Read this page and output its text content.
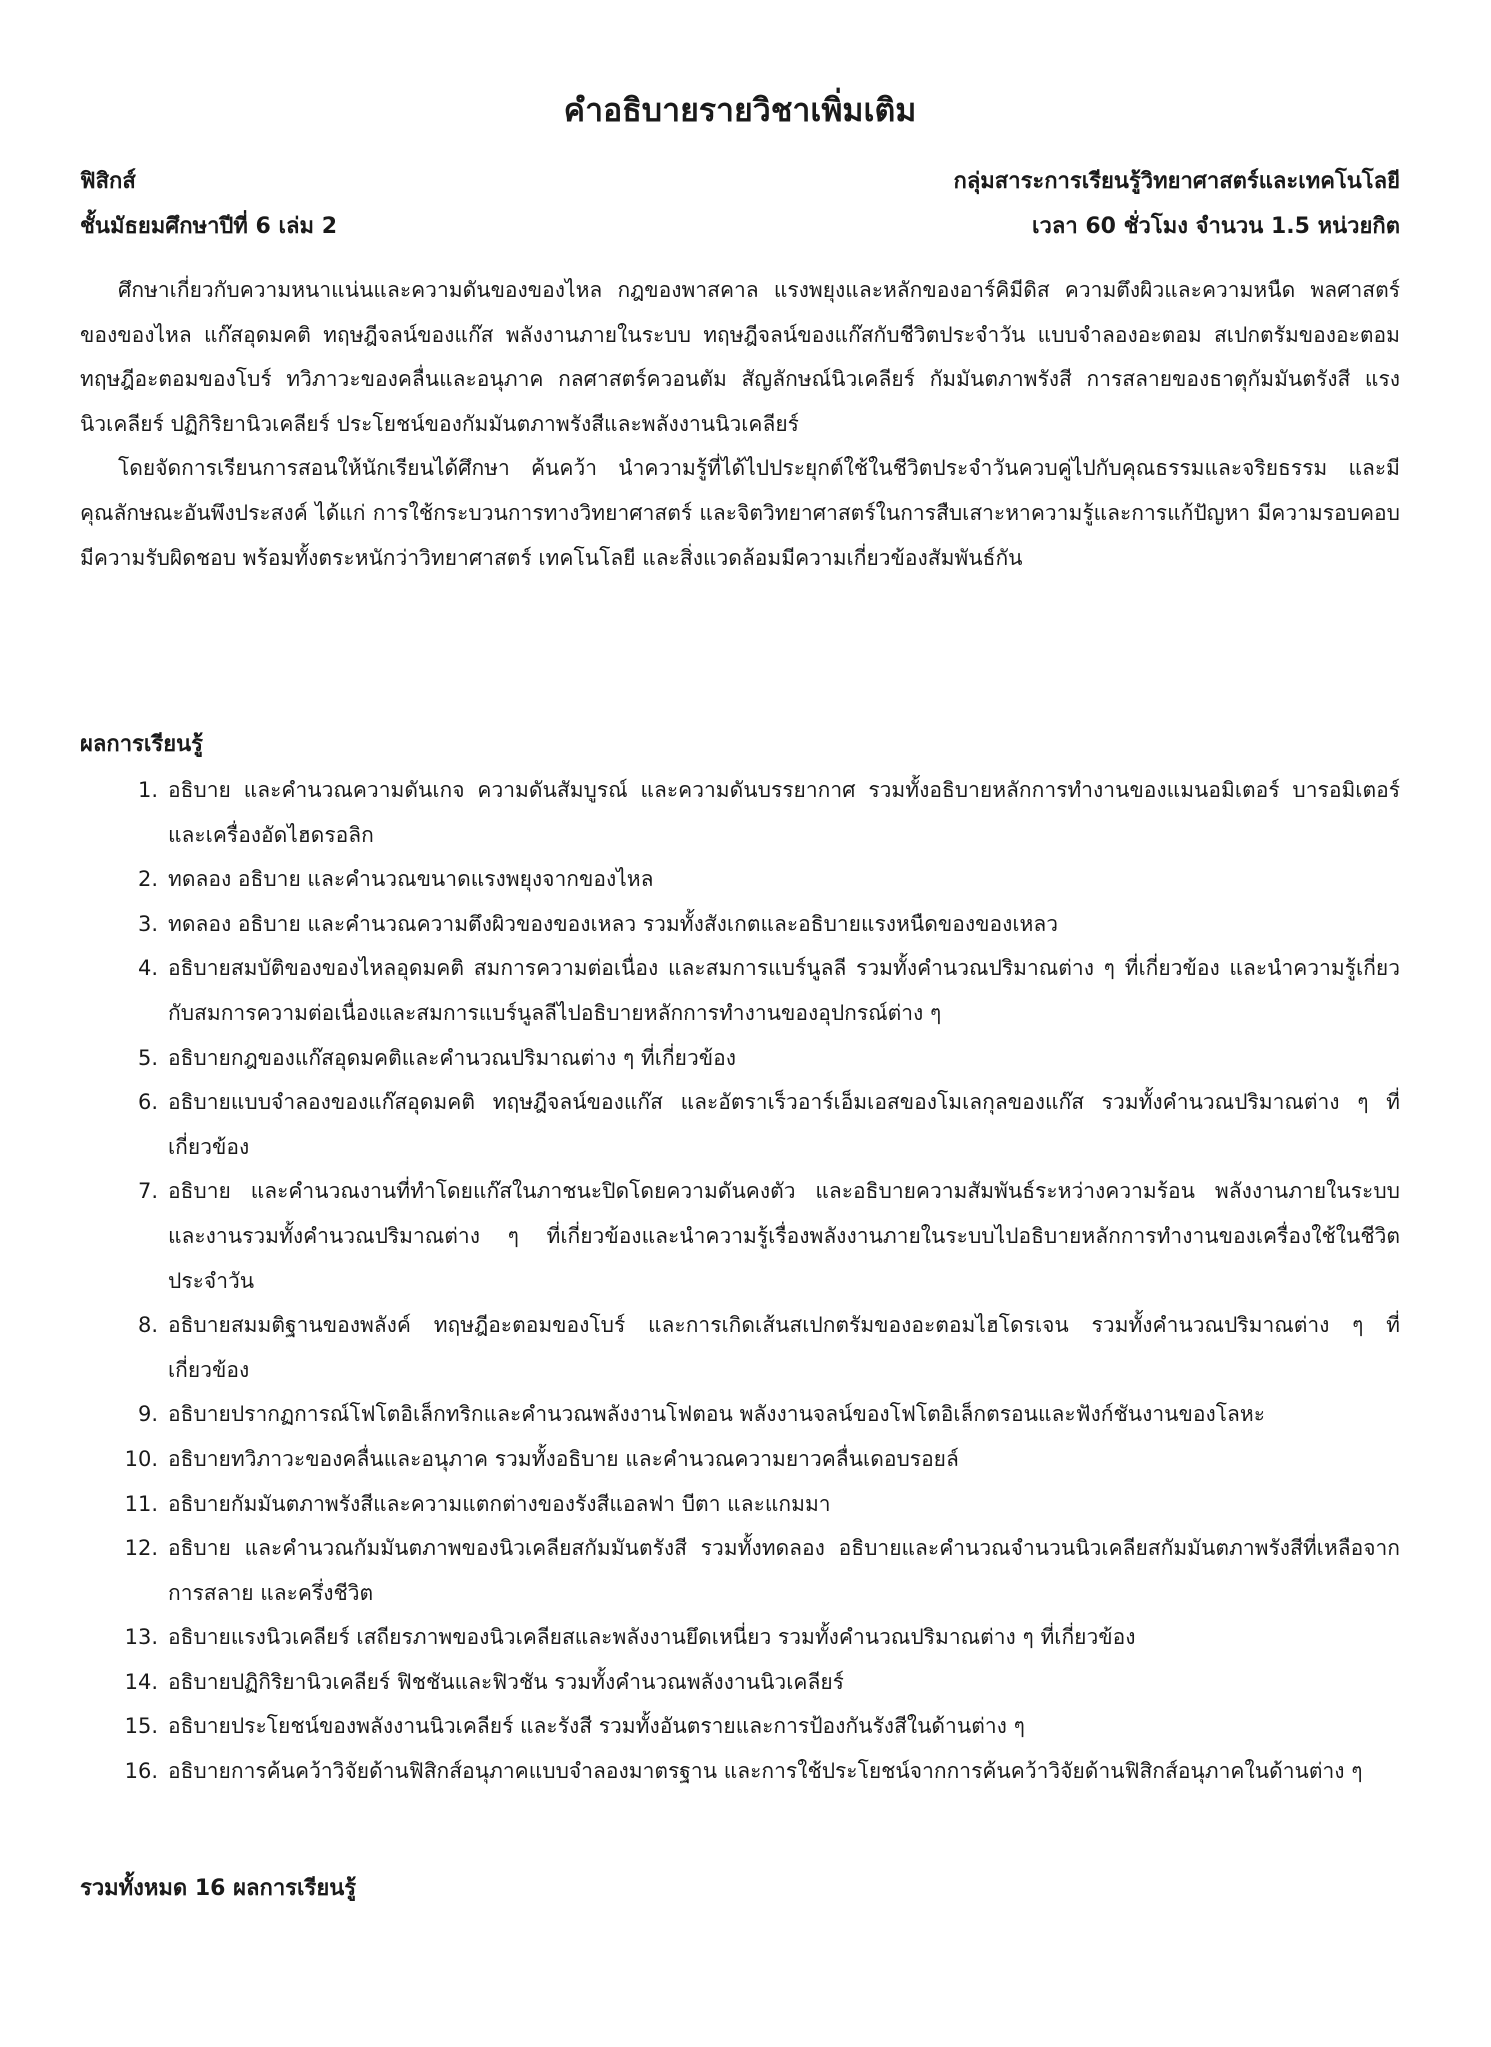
คำอธิบายรายวิชาเพิ่มเติม
ฟิสิกส์	กลุ่มสาระการเรียนรู้วิทยาศาสตร์และเทคโนโลยี
ชั้นมัธยมศึกษาปีที่ 6 เล่ม 2	เวลา 60 ชั่วโมง จำนวน 1.5 หน่วยกิต

ศึกษาเกี่ยวกับความหนาแน่นและความดันของของไหล กฎของพาสคาล แรงพยุงและหลักของอาร์คิมีดิส ความตึงผิวและความหนืด พลศาสตร์ของของไหล แก๊สอุดมคติ ทฤษฎีจลน์ของแก๊ส พลังงานภายในระบบ ทฤษฎีจลน์ของแก๊สกับชีวิตประจำวัน แบบจำลองอะตอม สเปกตรัมของอะตอม ทฤษฎีอะตอมของโบร์ ทวิภาวะของคลื่นและอนุภาค กลศาสตร์ควอนตัม สัญลักษณ์นิวเคลียร์ กัมมันตภาพรังสี การสลายของธาตุกัมมันตรังสี แรงนิวเคลียร์ ปฏิกิริยานิวเคลียร์ ประโยชน์ของกัมมันตภาพรังสีและพลังงานนิวเคลียร์

โดยจัดการเรียนการสอนให้นักเรียนได้ศึกษา ค้นคว้า นำความรู้ที่ได้ไปประยุกต์ใช้ในชีวิตประจำวันควบคู่ไปกับคุณธรรมและจริยธรรม และมีคุณลักษณะอันพึงประสงค์ ได้แก่ การใช้กระบวนการทางวิทยาศาสตร์ และจิตวิทยาศาสตร์ในการสืบเสาะหาความรู้และการแก้ปัญหา มีความรอบคอบ มีความรับผิดชอบ พร้อมทั้งตระหนักว่าวิทยาศาสตร์ เทคโนโลยี และสิ่งแวดล้อมมีความเกี่ยวข้องสัมพันธ์กัน

ผลการเรียนรู้
1. อธิบาย และคำนวณความดันเกจ ความดันสัมบูรณ์ และความดันบรรยากาศ รวมทั้งอธิบายหลักการทำงานของแมนอมิเตอร์ บารอมิเตอร์ และเครื่องอัดไฮดรอลิก
2. ทดลอง อธิบาย และคำนวณขนาดแรงพยุงจากของไหล
3. ทดลอง อธิบาย และคำนวณความตึงผิวของของเหลว รวมทั้งสังเกตและอธิบายแรงหนืดของของเหลว
4. อธิบายสมบัติของของไหลอุดมคติ สมการความต่อเนื่อง และสมการแบร์นูลลี รวมทั้งคำนวณปริมาณต่าง ๆ ที่เกี่ยวข้อง และนำความรู้เกี่ยวกับสมการความต่อเนื่องและสมการแบร์นูลลีไปอธิบายหลักการทำงานของอุปกรณ์ต่าง ๆ
5. อธิบายกฎของแก๊สอุดมคติและคำนวณปริมาณต่าง ๆ ที่เกี่ยวข้อง
6. อธิบายแบบจำลองของแก๊สอุดมคติ ทฤษฎีจลน์ของแก๊ส และอัตราเร็วอาร์เอ็มเอสของโมเลกุลของแก๊ส รวมทั้งคำนวณปริมาณต่าง ๆ ที่เกี่ยวข้อง
7. อธิบาย และคำนวณงานที่ทำโดยแก๊สในภาชนะปิดโดยความดันคงตัว และอธิบายความสัมพันธ์ระหว่างความร้อน พลังงานภายในระบบ และงานรวมทั้งคำนวณปริมาณต่าง ๆ ที่เกี่ยวข้องและนำความรู้เรื่องพลังงานภายในระบบไปอธิบายหลักการทำงานของเครื่องใช้ในชีวิตประจำวัน
8. อธิบายสมมติฐานของพลังค์ ทฤษฎีอะตอมของโบร์ และการเกิดเส้นสเปกตรัมของอะตอมไฮโดรเจน รวมทั้งคำนวณปริมาณต่าง ๆ ที่เกี่ยวข้อง
9. อธิบายปรากฏการณ์โฟโตอิเล็กทริกและคำนวณพลังงานโฟตอน พลังงานจลน์ของโฟโตอิเล็กตรอนและฟังก์ชันงานของโลหะ
10. อธิบายทวิภาวะของคลื่นและอนุภาค รวมทั้งอธิบาย และคำนวณความยาวคลื่นเดอบรอยล์
11. อธิบายกัมมันตภาพรังสีและความแตกต่างของรังสีแอลฟา บีตา และแกมมา
12. อธิบาย และคำนวณกัมมันตภาพของนิวเคลียสกัมมันตรังสี รวมทั้งทดลอง อธิบายและคำนวณจำนวนนิวเคลียสกัมมันตภาพรังสีที่เหลือจากการสลาย และครึ่งชีวิต
13. อธิบายแรงนิวเคลียร์ เสถียรภาพของนิวเคลียสและพลังงานยึดเหนี่ยว รวมทั้งคำนวณปริมาณต่าง ๆ ที่เกี่ยวข้อง
14. อธิบายปฏิกิริยานิวเคลียร์ ฟิชชันและฟิวชัน รวมทั้งคำนวณพลังงานนิวเคลียร์
15. อธิบายประโยชน์ของพลังงานนิวเคลียร์ และรังสี รวมทั้งอันตรายและการป้องกันรังสีในด้านต่าง ๆ
16. อธิบายการค้นคว้าวิจัยด้านฟิสิกส์อนุภาคแบบจำลองมาตรฐาน และการใช้ประโยชน์จากการค้นคว้าวิจัยด้านฟิสิกส์อนุภาคในด้านต่าง ๆ

รวมทั้งหมด 16 ผลการเรียนรู้
